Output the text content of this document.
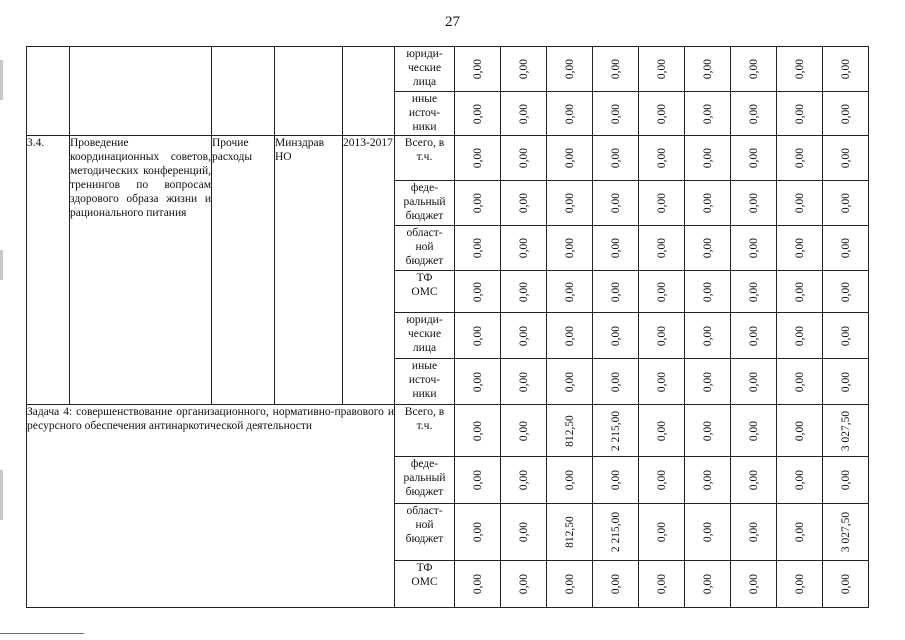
27
					юриди-
ческие
лица	0,00	0,00	0,00	0,00	0,00	0,00	0,00	0,00	0,00

					иные
источ-
ники	0,00	0,00	0,00	0,00	0,00	0,00	0,00	0,00	0,00

3.4.	Проведение координационных советов, методических конференций, тренингов по вопросам здорового образа жизни и рационального питания	Прочие расходы	Минздрав НО	2013-2017	Всего, в
т.ч.	0,00	0,00	0,00	0,00	0,00	0,00	0,00	0,00	0,00

					феде-
ральный
бюджет	0,00	0,00	0,00	0,00	0,00	0,00	0,00	0,00	0,00

					област-
ной
бюджет	0,00	0,00	0,00	0,00	0,00	0,00	0,00	0,00	0,00

					ТФ
ОМС	0,00	0,00	0,00	0,00	0,00	0,00	0,00	0,00	0,00

					юриди-
ческие
лица	0,00	0,00	0,00	0,00	0,00	0,00	0,00	0,00	0,00

					иные
источ-
ники	0,00	0,00	0,00	0,00	0,00	0,00	0,00	0,00	0,00

Задача 4: совершенствование организационного, нормативно-правового и ресурсного обеспечения антинаркотической деятельности					Всего, в
т.ч.	0,00	0,00	812,50	2 215,00	0,00	0,00	0,00	0,00	3 027,50

					феде-
ральный
бюджет	0,00	0,00	0,00	0,00	0,00	0,00	0,00	0,00	0,00

					област-
ной
бюджет	0,00	0,00	812,50	2 215,00	0,00	0,00	0,00	0,00	3 027,50

					ТФ
ОМС	0,00	0,00	0,00	0,00	0,00	0,00	0,00	0,00	0,00
